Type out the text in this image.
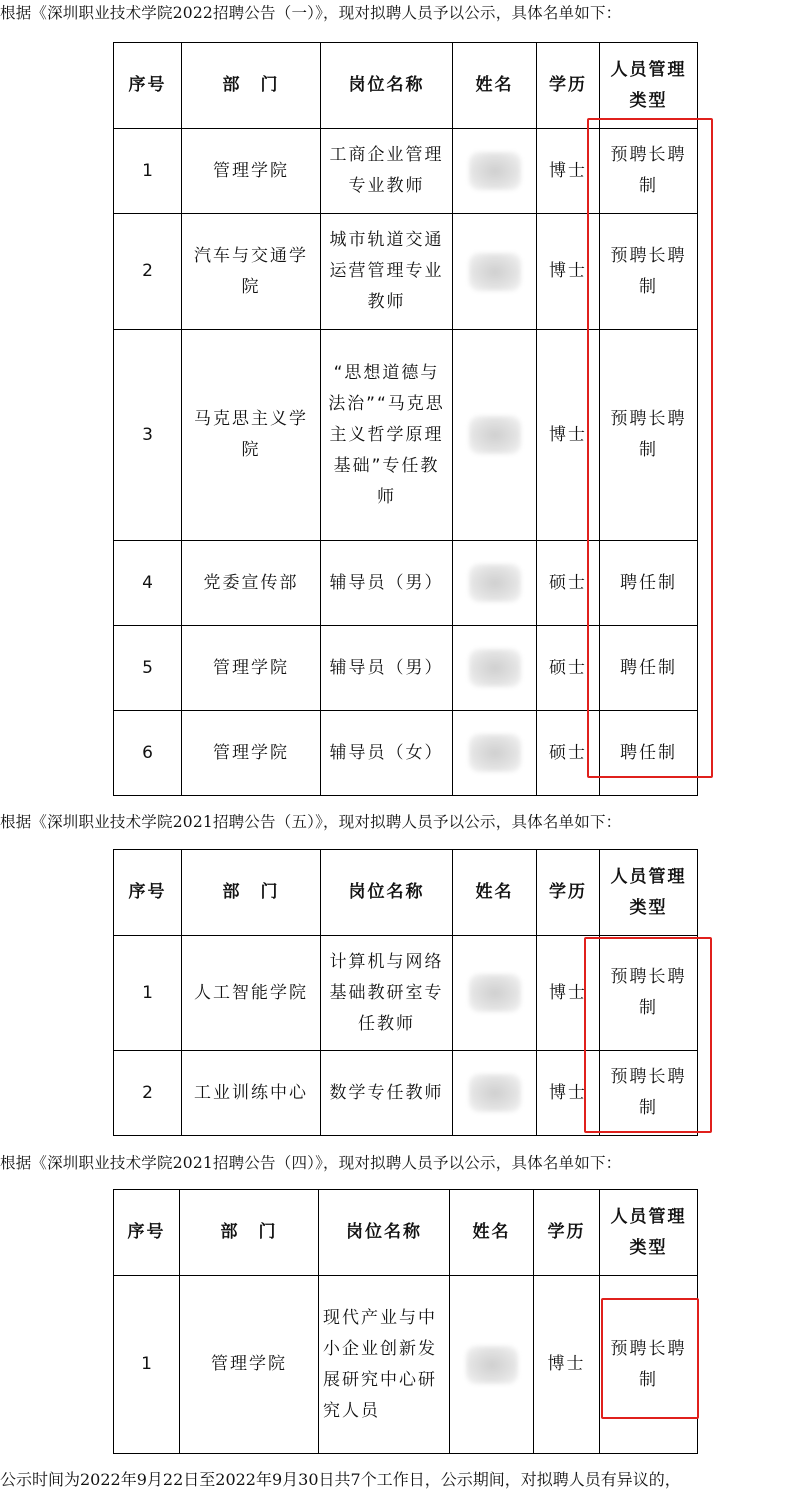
根据《深圳职业技术学院2022招聘公告（一）》，现对拟聘人员予以公示，具体名单如下：
序号	部　门	岗位名称	姓名	学历	人员管理类型
1	管理学院	工商企业管理专业教师		博士	预聘长聘制
2	汽车与交通学院	城市轨道交通运营管理专业教师		博士	预聘长聘制
3	马克思主义学院	“思想道德与法治”“马克思主义哲学原理基础”专任教师		博士	预聘长聘制
4	党委宣传部	辅导员（男）		硕士	聘任制
5	管理学院	辅导员（男）		硕士	聘任制
6	管理学院	辅导员（女）		硕士	聘任制
根据《深圳职业技术学院2021招聘公告（五）》，现对拟聘人员予以公示，具体名单如下：
序号	部　门	岗位名称	姓名	学历	人员管理类型
1	人工智能学院	计算机与网络基础教研室专任教师		博士	预聘长聘制
2	工业训练中心	数学专任教师		博士	预聘长聘制
根据《深圳职业技术学院2021招聘公告（四）》，现对拟聘人员予以公示，具体名单如下：
序号	部　门	岗位名称	姓名	学历	人员管理类型
1	管理学院	现代产业与中小企业创新发展研究中心研究人员		博士	预聘长聘制
公示时间为2022年9月22日至2022年9月30日共7个工作日，公示期间，对拟聘人员有异议的，
